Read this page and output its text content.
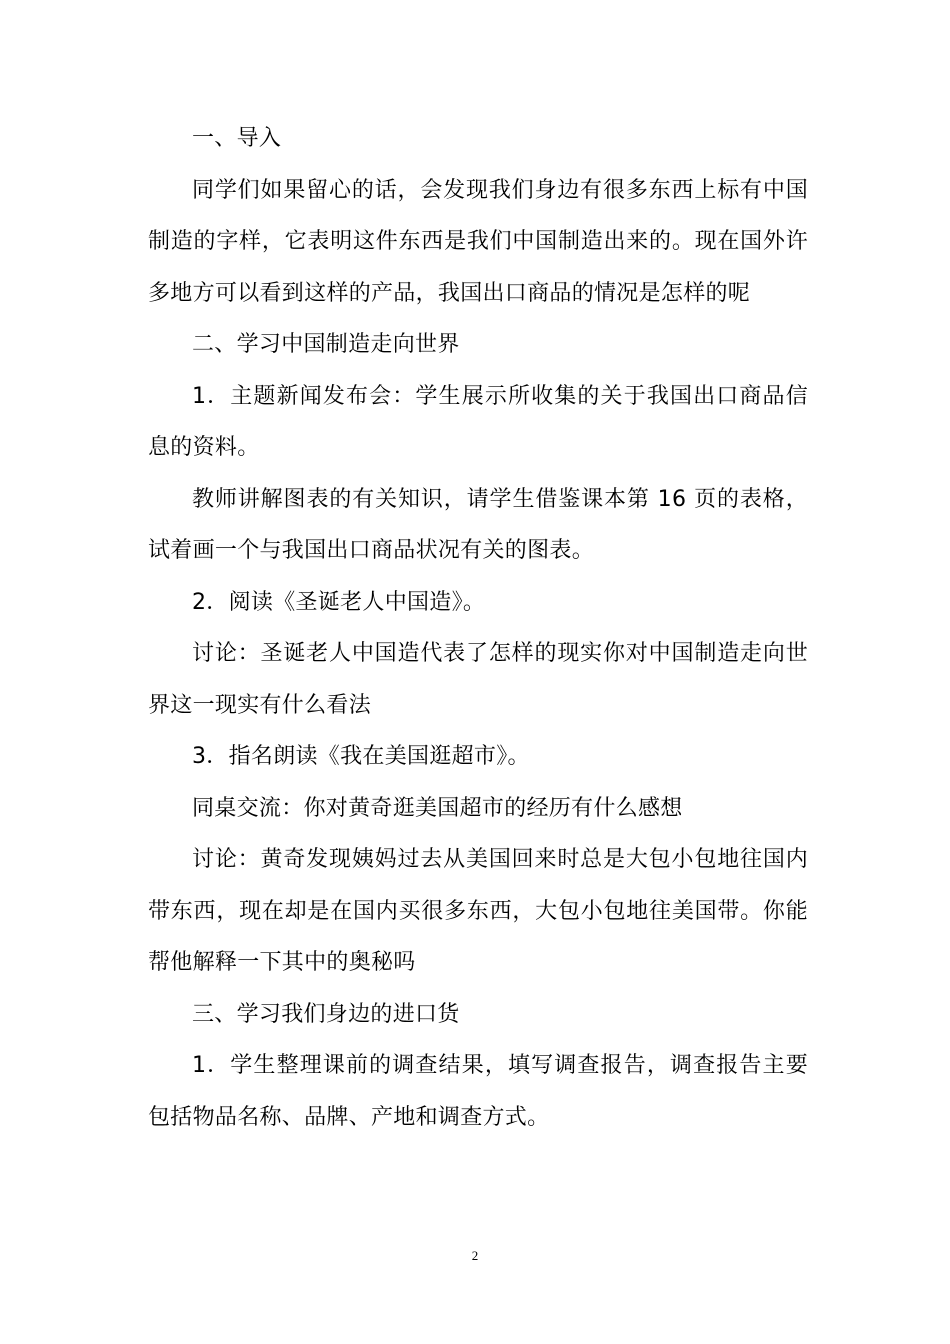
一、导入

同学们如果留心的话，会发现我们身边有很多东西上标有中国制造的字样，它表明这件东西是我们中国制造出来的。现在国外许多地方可以看到这样的产品，我国出口商品的情况是怎样的呢

二、学习中国制造走向世界

1．主题新闻发布会：学生展示所收集的关于我国出口商品信息的资料。

教师讲解图表的有关知识，请学生借鉴课本第 16 页的表格，试着画一个与我国出口商品状况有关的图表。

2．阅读《圣诞老人中国造》。

讨论：圣诞老人中国造代表了怎样的现实你对中国制造走向世界这一现实有什么看法

3．指名朗读《我在美国逛超市》。

同桌交流：你对黄奇逛美国超市的经历有什么感想

讨论：黄奇发现姨妈过去从美国回来时总是大包小包地往国内带东西，现在却是在国内买很多东西，大包小包地往美国带。你能帮他解释一下其中的奥秘吗

三、学习我们身边的进口货

1．学生整理课前的调查结果，填写调查报告，调查报告主要包括物品名称、品牌、产地和调查方式。

2
